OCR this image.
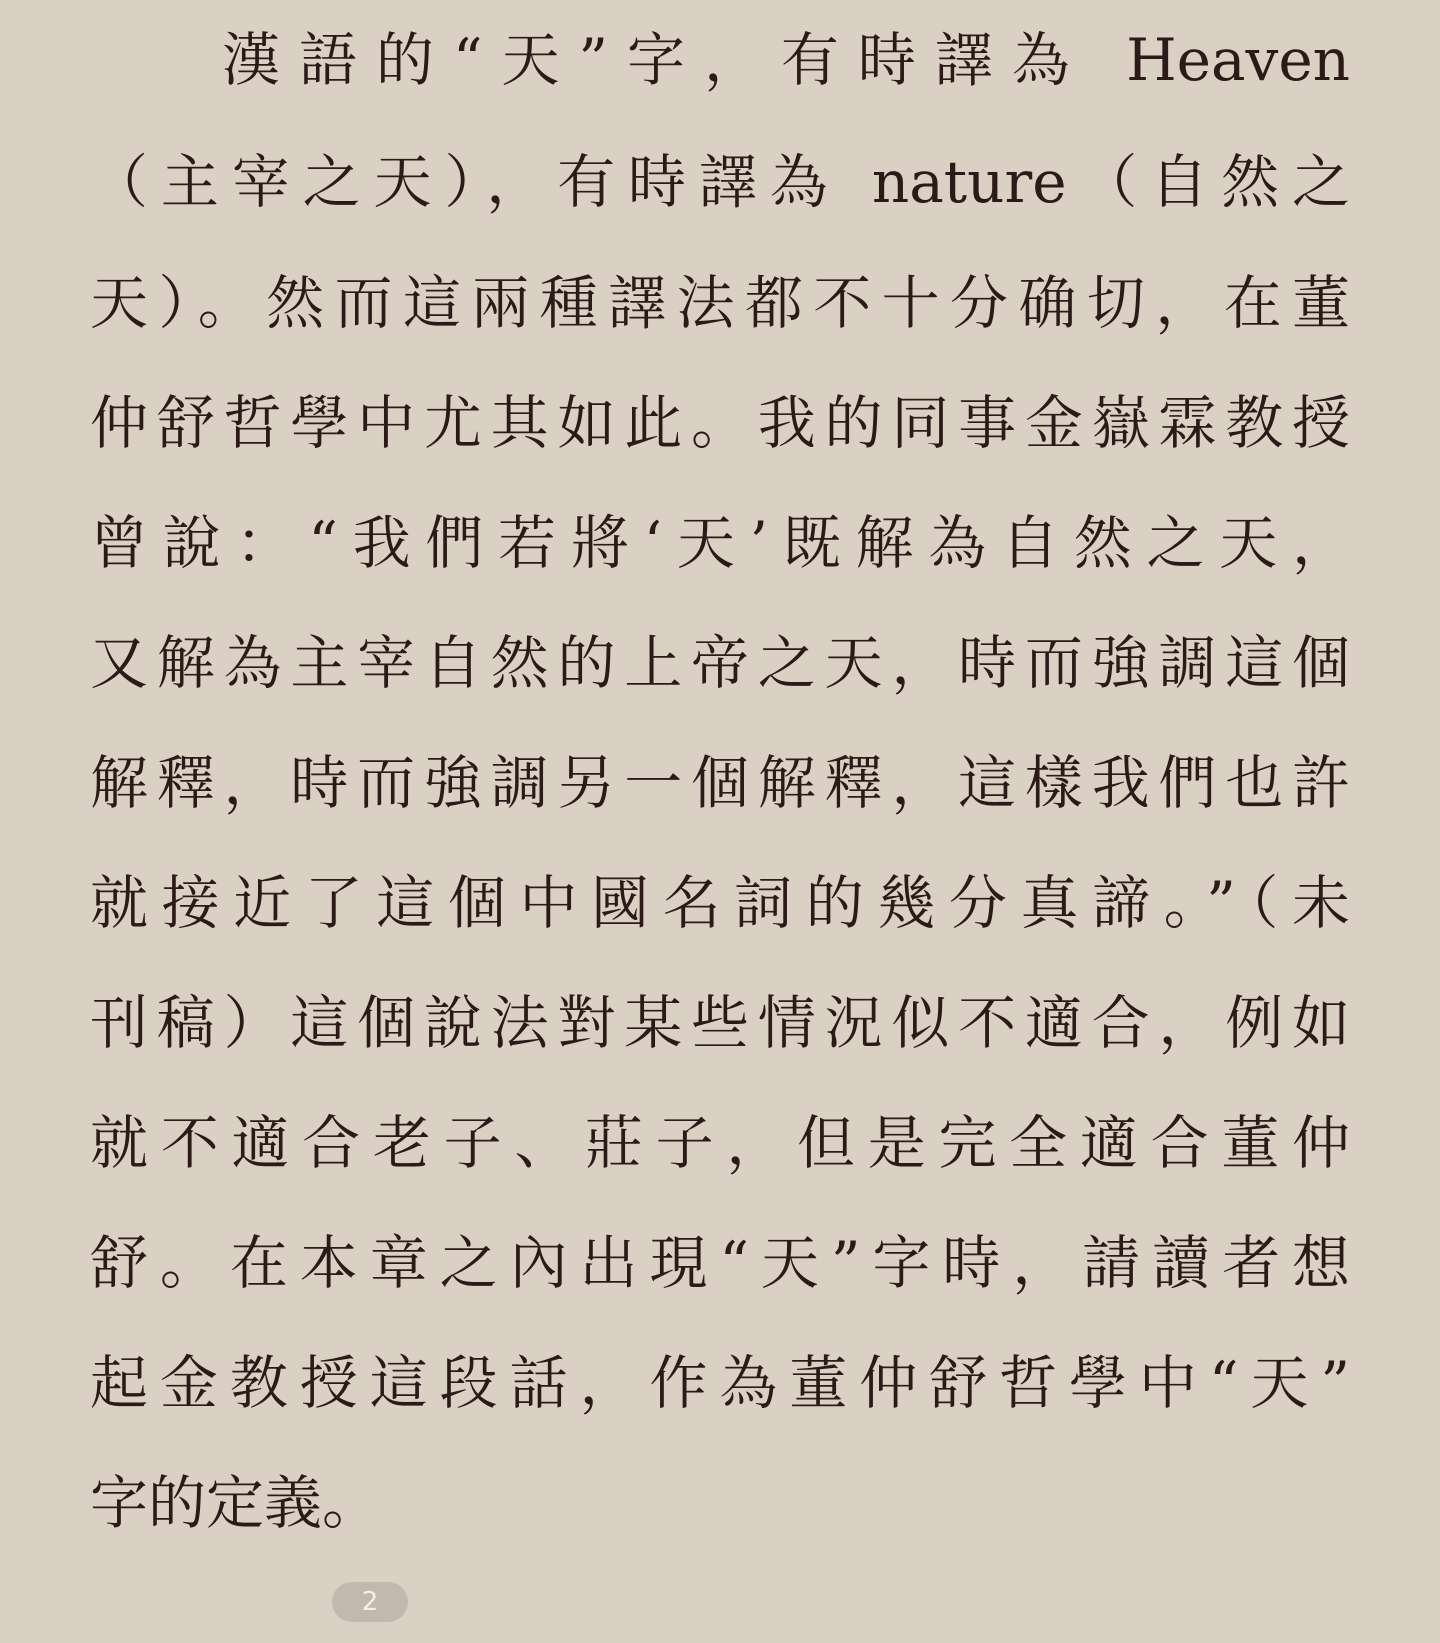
漢語的“天”字，有時譯為 Heaven
（主宰之天），有時譯為 nature（自然之
天）。然而這兩種譯法都不十分确切，在董
仲舒哲學中尤其如此。我的同事金嶽霖教授
曾說：“我們若將‘天’既解為自然之天，
又解為主宰自然的上帝之天，時而強調這個
解釋，時而強調另一個解釋，這樣我們也許
就接近了這個中國名詞的幾分真諦。”（未
刊稿）這個說法對某些情況似不適合，例如
就不適合老子、莊子，但是完全適合董仲
舒。在本章之內出現“天”字時，請讀者想
起金教授這段話，作為董仲舒哲學中“天”
字的定義。
2
